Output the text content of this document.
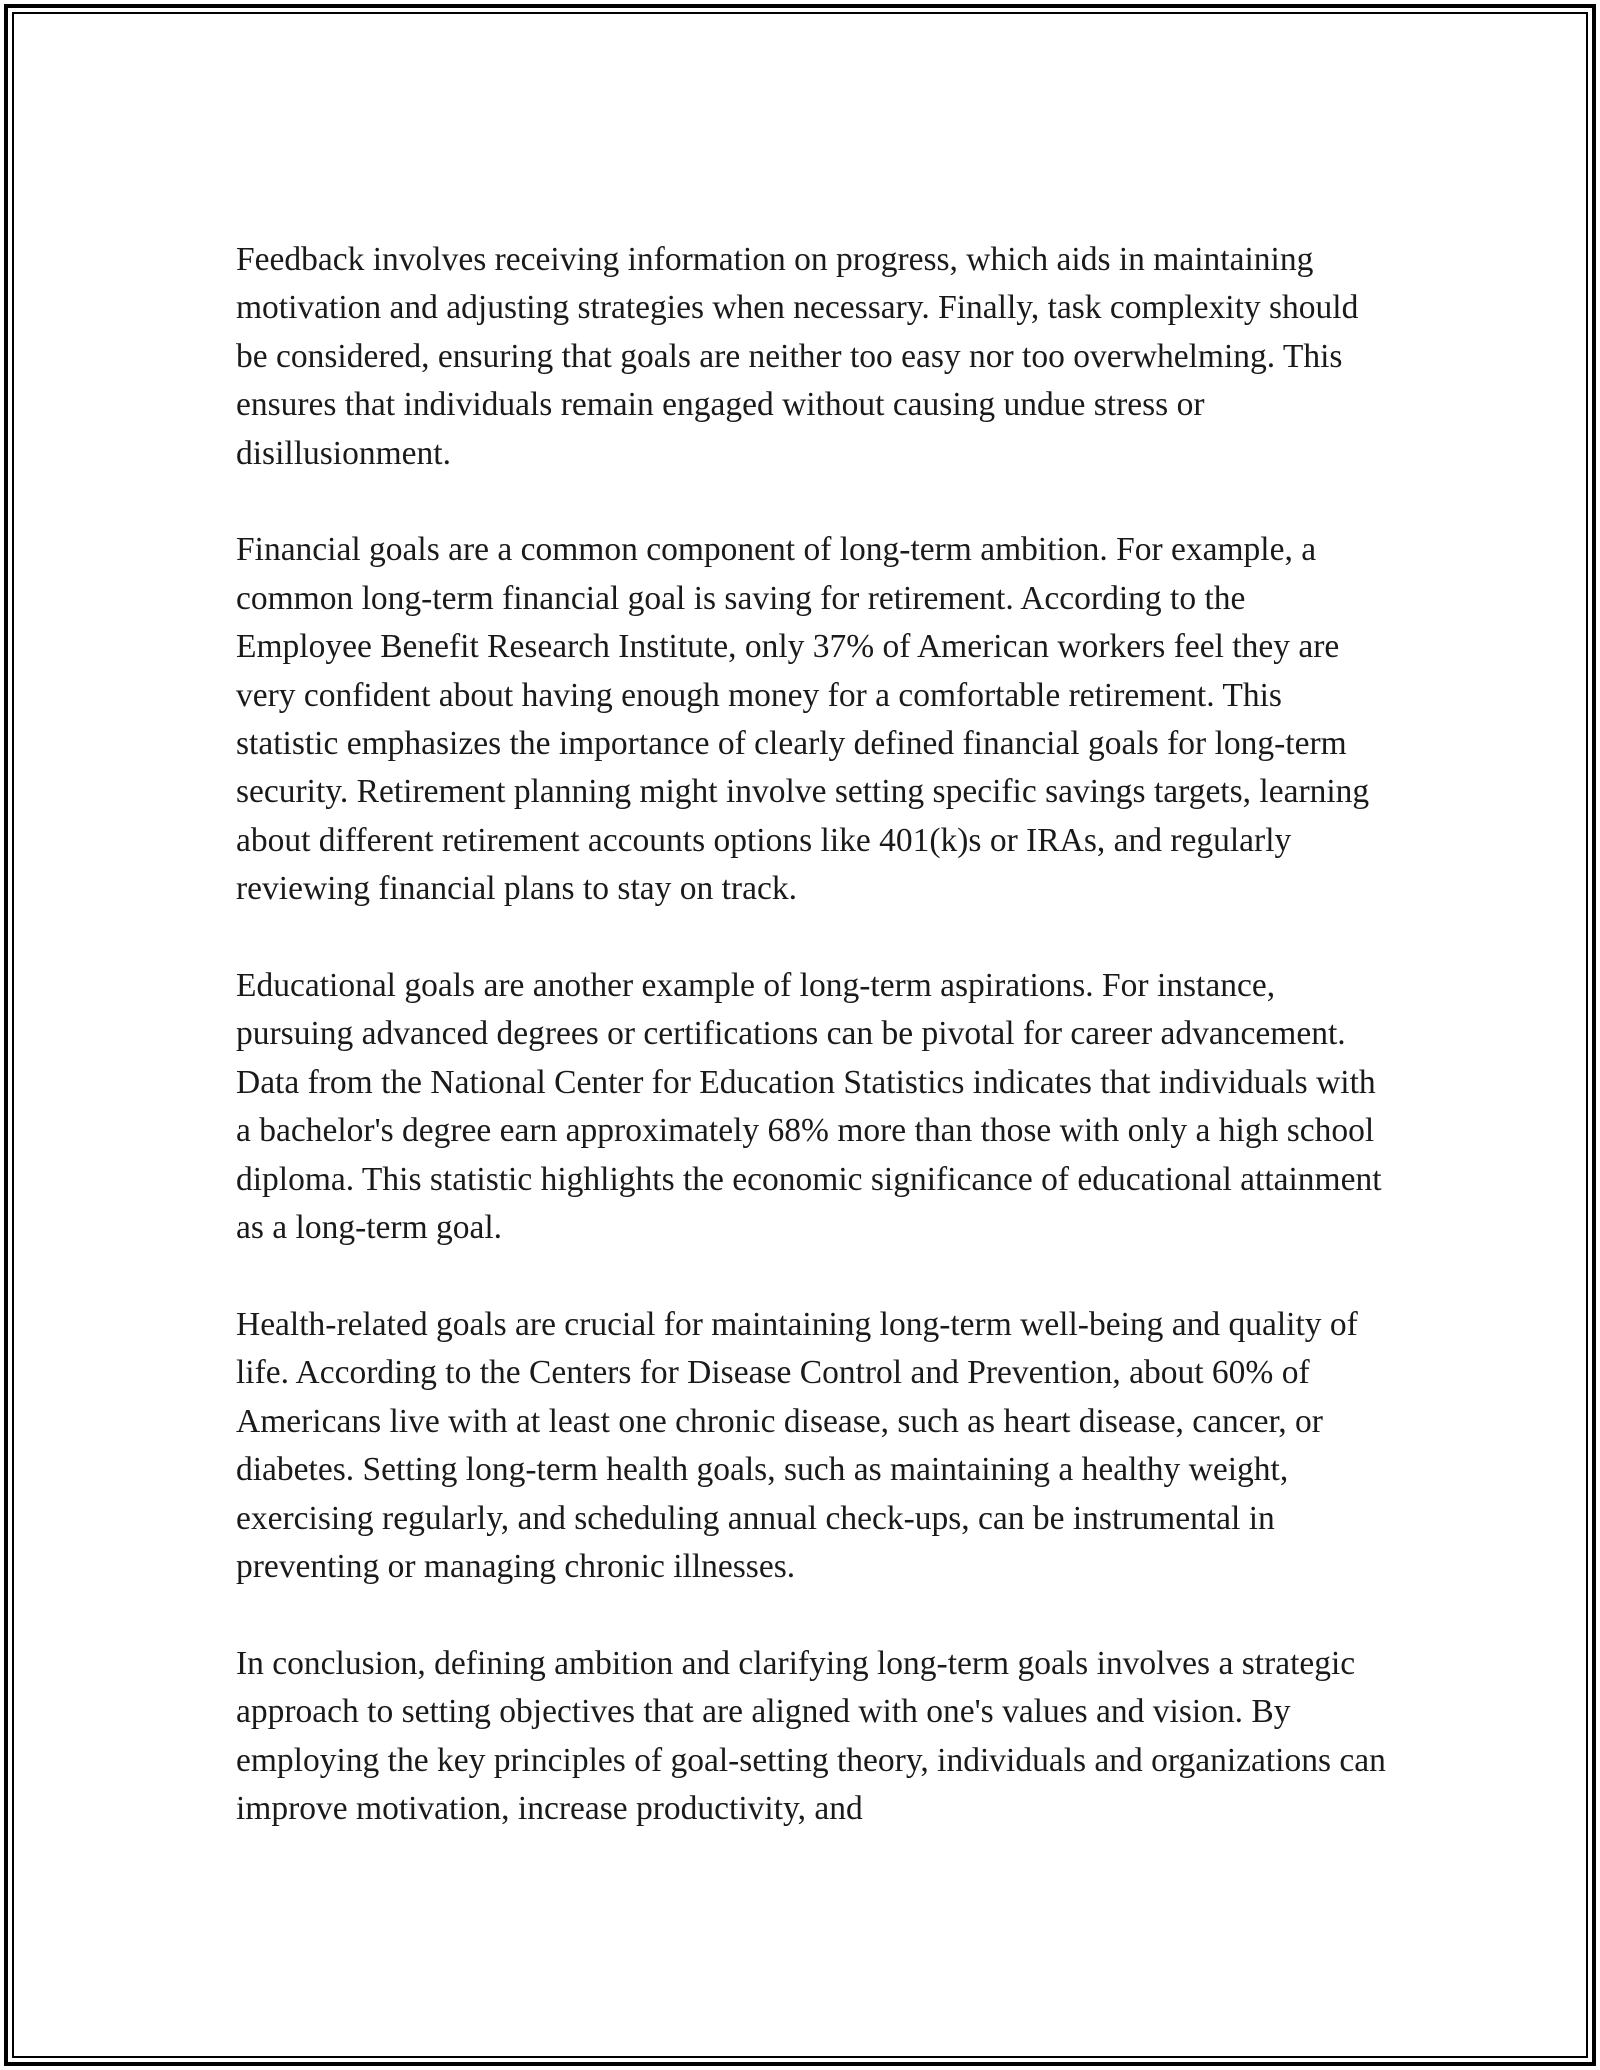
Feedback involves receiving information on progress, which aids in maintaining motivation and adjusting strategies when necessary. Finally, task complexity should be considered, ensuring that goals are neither too easy nor too overwhelming. This ensures that individuals remain engaged without causing undue stress or disillusionment.

Financial goals are a common component of long-term ambition. For example, a common long-term financial goal is saving for retirement. According to the Employee Benefit Research Institute, only 37% of American workers feel they are very confident about having enough money for a comfortable retirement. This statistic emphasizes the importance of clearly defined financial goals for long-term security. Retirement planning might involve setting specific savings targets, learning about different retirement accounts options like 401(k)s or IRAs, and regularly reviewing financial plans to stay on track.

Educational goals are another example of long-term aspirations. For instance, pursuing advanced degrees or certifications can be pivotal for career advancement. Data from the National Center for Education Statistics indicates that individuals with a bachelor's degree earn approximately 68% more than those with only a high school diploma. This statistic highlights the economic significance of educational attainment as a long-term goal.

Health-related goals are crucial for maintaining long-term well-being and quality of life. According to the Centers for Disease Control and Prevention, about 60% of Americans live with at least one chronic disease, such as heart disease, cancer, or diabetes. Setting long-term health goals, such as maintaining a healthy weight, exercising regularly, and scheduling annual check-ups, can be instrumental in preventing or managing chronic illnesses.

In conclusion, defining ambition and clarifying long-term goals involves a strategic approach to setting objectives that are aligned with one's values and vision. By employing the key principles of goal-setting theory, individuals and organizations can improve motivation, increase productivity, and
